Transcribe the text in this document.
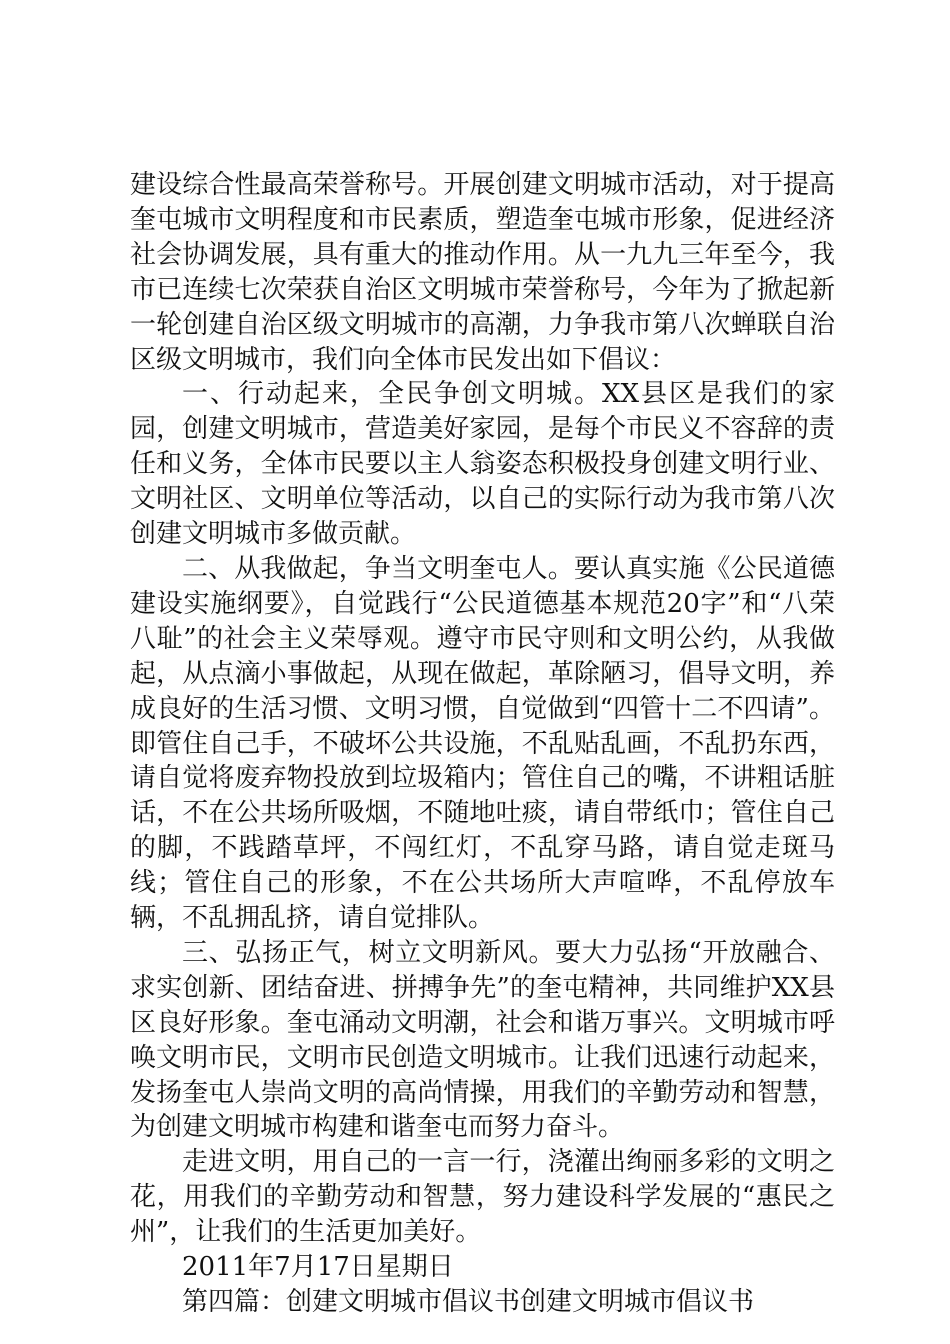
建设综合性最高荣誉称号。开展创建文明城市活动，对于提高奎屯城市文明程度和市民素质，塑造奎屯城市形象，促进经济社会协调发展，具有重大的推动作用。从一九九三年至今，我市已连续七次荣获自治区文明城市荣誉称号，今年为了掀起新一轮创建自治区级文明城市的高潮，力争我市第八次蝉联自治区级文明城市，我们向全体市民发出如下倡议：

一、行动起来，全民争创文明城。XX县区是我们的家园，创建文明城市，营造美好家园，是每个市民义不容辞的责任和义务，全体市民要以主人翁姿态积极投身创建文明行业、文明社区、文明单位等活动，以自己的实际行动为我市第八次创建文明城市多做贡献。

二、从我做起，争当文明奎屯人。要认真实施《公民道德建设实施纲要》，自觉践行“公民道德基本规范20字”和“八荣八耻”的社会主义荣辱观。遵守市民守则和文明公约，从我做起，从点滴小事做起，从现在做起，革除陋习，倡导文明，养成良好的生活习惯、文明习惯，自觉做到“四管十二不四请”。即管住自己手，不破坏公共设施，不乱贴乱画，不乱扔东西，请自觉将废弃物投放到垃圾箱内；管住自己的嘴，不讲粗话脏话，不在公共场所吸烟，不随地吐痰，请自带纸巾；管住自己的脚，不践踏草坪，不闯红灯，不乱穿马路，请自觉走斑马线；管住自己的形象，不在公共场所大声喧哗，不乱停放车辆，不乱拥乱挤，请自觉排队。

三、弘扬正气，树立文明新风。要大力弘扬“开放融合、求实创新、团结奋进、拼搏争先”的奎屯精神，共同维护XX县区良好形象。奎屯涌动文明潮，社会和谐万事兴。文明城市呼唤文明市民，文明市民创造文明城市。让我们迅速行动起来，发扬奎屯人崇尚文明的高尚情操，用我们的辛勤劳动和智慧，为创建文明城市构建和谐奎屯而努力奋斗。

走进文明，用自己的一言一行，浇灌出绚丽多彩的文明之花，用我们的辛勤劳动和智慧，努力建设科学发展的“惠民之州”，让我们的生活更加美好。

2011年7月17日星期日

第四篇：创建文明城市倡议书创建文明城市倡议书
